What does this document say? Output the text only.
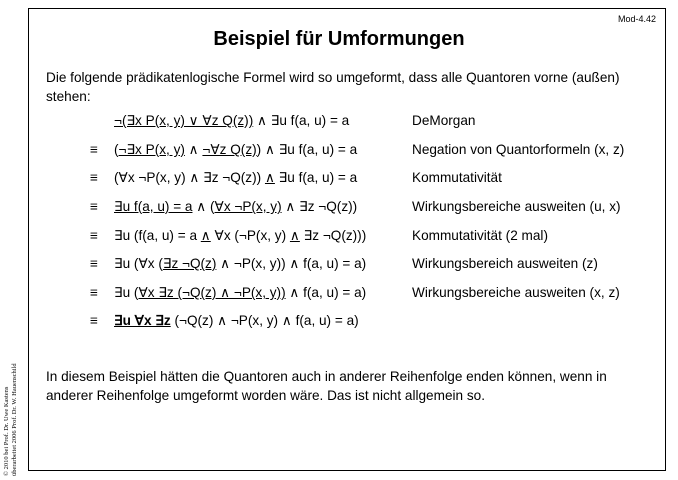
Mod-4.42
Beispiel für Umformungen
Die folgende prädikatenlogische Formel wird so umgeformt, dass alle Quantoren vorne (außen) stehen:
¬(∃x P(x, y) ∨ ∀z Q(z)) ∧ ∃u f(a, u) = a	DeMorgan
≡ (¬∃x P(x, y) ∧ ¬∀z Q(z)) ∧ ∃u f(a, u) = a	Negation von Quantorformeln (x, z)
≡ (∀x ¬P(x, y) ∧ ∃z ¬Q(z)) ∧ ∃u f(a, u) = a	Kommutativität
≡ ∃u f(a, u) = a ∧ (∀x ¬P(x, y) ∧ ∃z ¬Q(z))	Wirkungsbereiche ausweiten (u, x)
≡ ∃u (f(a, u) = a ∧ ∀x (¬P(x, y) ∧ ∃z ¬Q(z)))	Kommutativität (2 mal)
≡ ∃u (∀x (∃z ¬Q(z) ∧ ¬P(x, y)) ∧ f(a, u) = a)	Wirkungsbereich ausweiten (z)
≡ ∃u (∀x ∃z (¬Q(z) ∧ ¬P(x, y)) ∧ f(a, u) = a)	Wirkungsbereiche ausweiten (x, z)
≡ ∃u ∀x ∃z (¬Q(z) ∧ ¬P(x, y) ∧ f(a, u) = a)
In diesem Beispiel hätten die Quantoren auch in anderer Reihenfolge enden können, wenn in anderer Reihenfolge umgeformt worden wäre. Das ist nicht allgemein so.
© 2010 bei Prof. Dr. Uwe Kastens überarbeitet 2006 Prof. Dr. W. Hauenschild
